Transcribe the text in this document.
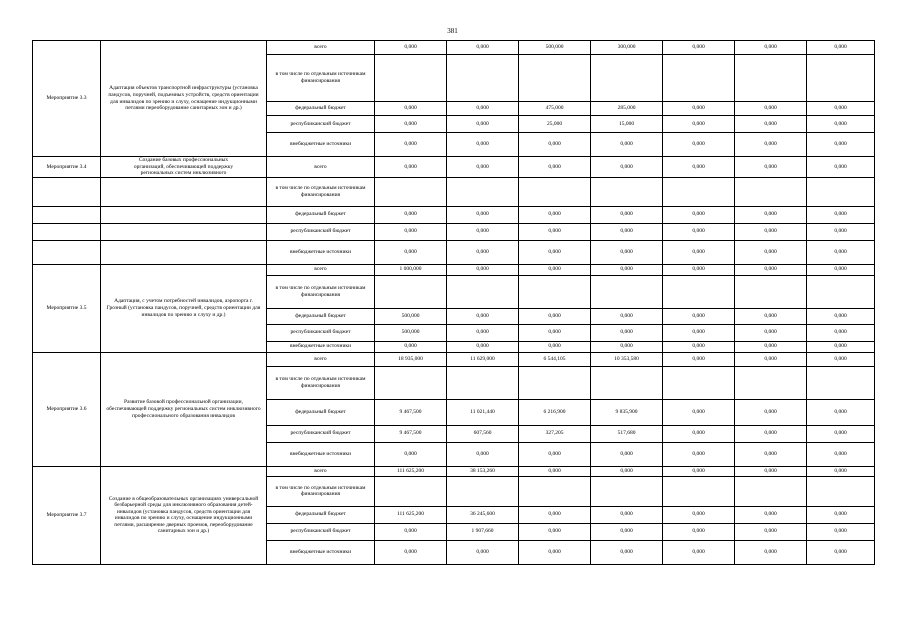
381
Мероприятие 3.3	Адаптация объектов транспортной инфраструктуры (установка пандусов, поручней, подъемных устройств, средств ориентации для инвалидов по зрению и слуху, оснащение индукционными петлями переоборудование санитарных зон и др.)	всего	0,000	0,000	500,000	300,000	0,000	0,000	0,000
		в том числе по отдельным источникам финансирования							
		федеральный бюджет	0,000	0,000	475,000	285,000	0,000	0,000	0,000
		республиканский бюджет	0,000	0,000	25,000	15,000	0,000	0,000	0,000
		внебюджетные источники	0,000	0,000	0,000	0,000	0,000	0,000	0,000
Мероприятие 3.4	Создание базовых профессиональных
организаций, обеспечивающей поддержку
региональных систем инклюзивного	всего	0,000	0,000	0,000	0,000	0,000	0,000	0,000
		в том числе по отдельным источникам финансирования							
		федеральный бюджет	0,000	0,000	0,000	0,000	0,000	0,000	0,000
		республиканский бюджет	0,000	0,000	0,000	0,000	0,000	0,000	0,000
		внебюджетные источники	0,000	0,000	0,000	0,000	0,000	0,000	0,000
Мероприятие 3.5	Адаптация, с учетом потребностей инвалидов, аэропорта г. Грозный (установка пандусов, поручней, средств ориентации для инвалидов по зрению и слуху и др.)	всего	1 000,000	0,000	0,000	0,000	0,000	0,000	0,000
		в том числе по отдельным источникам финансирования							
		федеральный бюджет	500,000	0,000	0,000	0,000	0,000	0,000	0,000
		республиканский бюджет	500,000	0,000	0,000	0,000	0,000	0,000	0,000
		внебюджетные источники	0,000	0,000	0,000	0,000	0,000	0,000	0,000
Мероприятие 3.6	Развитие базовой профессиональной организации, обеспечивающей поддержку региональных систем инклюзивного профессионального образования инвалидов	всего	18 935,000	11 629,000	6 544,105	10 353,580	0,000	0,000	0,000
		в том числе по отдельным источникам финансирования							
		федеральный бюджет	9 467,500	11 021,440	6 216,900	9 835,900	0,000	0,000	0,000
		республиканский бюджет	9 467,500	607,560	327,205	517,680	0,000	0,000	0,000
		внебюджетные источники	0,000	0,000	0,000	0,000	0,000	0,000	0,000
Мероприятие 3.7	Создание в общеобразовательных организациях универсальной безбарьерной среды для инклюзивного образования детей-инвалидов (установка пандусов, средств ориентации для инвалидов по зрению и слуху, оснащение индукционными петлями, расширение дверных проемов, переоборудование санитарных зон и др.)	всего	111 625,200	38 153,260	0,000	0,000	0,000	0,000	0,000
		в том числе по отдельным источникам финансирования							
		федеральный бюджет	111 625,200	36 245,600	0,000	0,000	0,000	0,000	0,000
		республиканский бюджет	0,000	1 907,660	0,000	0,000	0,000	0,000	0,000
		внебюджетные источники	0,000	0,000	0,000	0,000	0,000	0,000	0,000
